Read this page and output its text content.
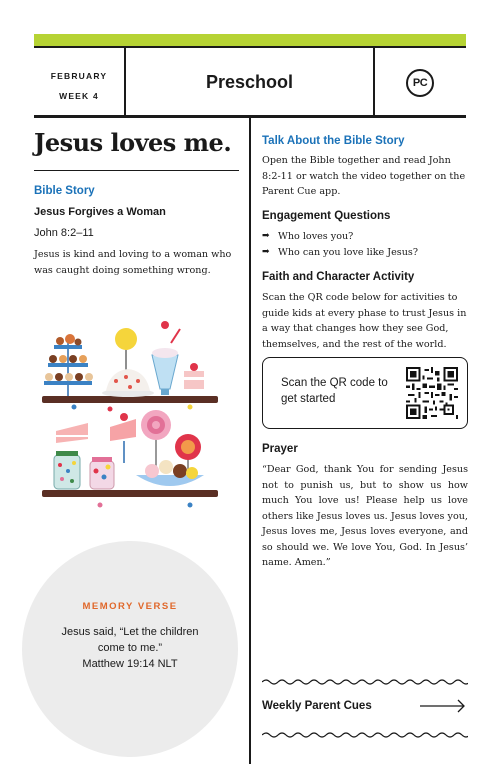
FEBRUARY
WEEK 4
Preschool	PC
Jesus loves me.
Bible Story
Jesus Forgives a Woman
John 8:2–11
Jesus is kind and loving to a woman who was caught doing something wrong.
MEMORY VERSE
Jesus said, “Let the children come to me.”
Matthew 19:14 NLT
Talk About the Bible Story
Open the Bible together and read John 8:2-11 or watch the video together on the Parent Cue app.
Engagement Questions
➡ Who loves you?
➡ Who can you love like Jesus?
Faith and Character Activity
Scan the QR code below for activities to guide kids at every phase to trust Jesus in a way that changes how they see God, themselves, and the rest of the world.
Scan the QR code to get started
Prayer
“Dear God, thank You for sending Jesus not to punish us, but to show us how much You love us! Please help us love others like Jesus loves us. Jesus loves you, Jesus loves me, Jesus loves everyone, and so should we. We love You, God. In Jesus’ name. Amen.”
Weekly Parent Cues
